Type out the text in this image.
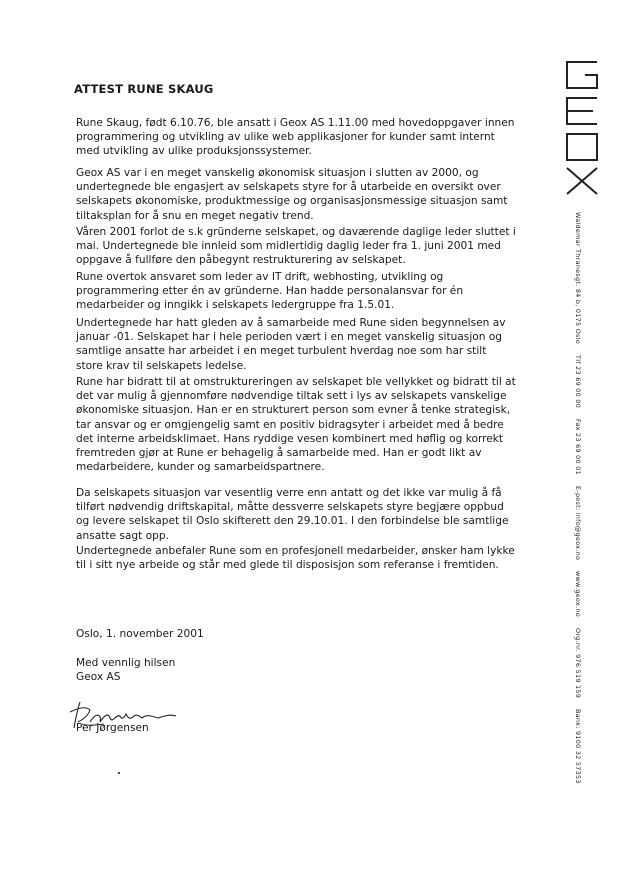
ATTEST RUNE SKAUG

Rune Skaug, født 6.10.76, ble ansatt i Geox AS 1.11.00 med hovedoppgaver innen programmering og utvikling av ulike web applikasjoner for kunder samt internt med utvikling av ulike produksjonssystemer.

Geox AS var i en meget vanskelig økonomisk situasjon i slutten av 2000, og undertegnede ble engasjert av selskapets styre for å utarbeide en oversikt over selskapets økonomiske, produktmessige og organisasjonsmessige situasjon samt tiltaksplan for å snu en meget negativ trend.

Våren 2001 forlot de s.k gründerne selskapet, og daværende daglige leder sluttet i mai. Undertegnede ble innleid som midlertidig daglig leder fra 1. juni 2001 med oppgave å fullføre den påbegynt restrukturering av selskapet.

Rune overtok ansvaret som leder av IT drift, webhosting, utvikling og programmering etter én av gründerne. Han hadde personalansvar for én medarbeider og inngikk i selskapets ledergruppe fra 1.5.01.

Undertegnede har hatt gleden av å samarbeide med Rune siden begynnelsen av januar -01. Selskapet har i hele perioden vært i en meget vanskelig situasjon og samtlige ansatte har arbeidet i en meget turbulent hverdag noe som har stilt store krav til selskapets ledelse.

Rune har bidratt til at omstruktureringen av selskapet ble vellykket og bidratt til at det var mulig å gjennomføre nødvendige tiltak sett i lys av selskapets vanskelige økonomiske situasjon. Han er en strukturert person som evner å tenke strategisk, tar ansvar og er omgjengelig samt en positiv bidragsyter i arbeidet med å bedre det interne arbeidsklimaet. Hans ryddige vesen kombinert med høflig og korrekt fremtreden gjør at Rune er behagelig å samarbeide med. Han er godt likt av medarbeidere, kunder og samarbeidspartnere.

Da selskapets situasjon var vesentlig verre enn antatt og det ikke var mulig å få tilført nødvendig driftskapital, måtte dessverre selskapets styre begjære oppbud og levere selskapet til Oslo skifterett den 29.10.01. I den forbindelse ble samtlige ansatte sagt opp.

Undertegnede anbefaler Rune som en profesjonell medarbeider, ønsker ham lykke til i sitt nye arbeide og står med glede til disposisjon som referanse i fremtiden.

Oslo, 1. november 2001

Med vennlig hilsen

Geox AS

Per Jørgensen

Waldemar Thranesgt. 84 b, 0175 Oslo
Tlf 23 69 00 00
Fax 23 69 00 01
E-post: info@geox.no
www.geox.no
Org.nr. 976 519 159
Bank: 9100 32 57353
